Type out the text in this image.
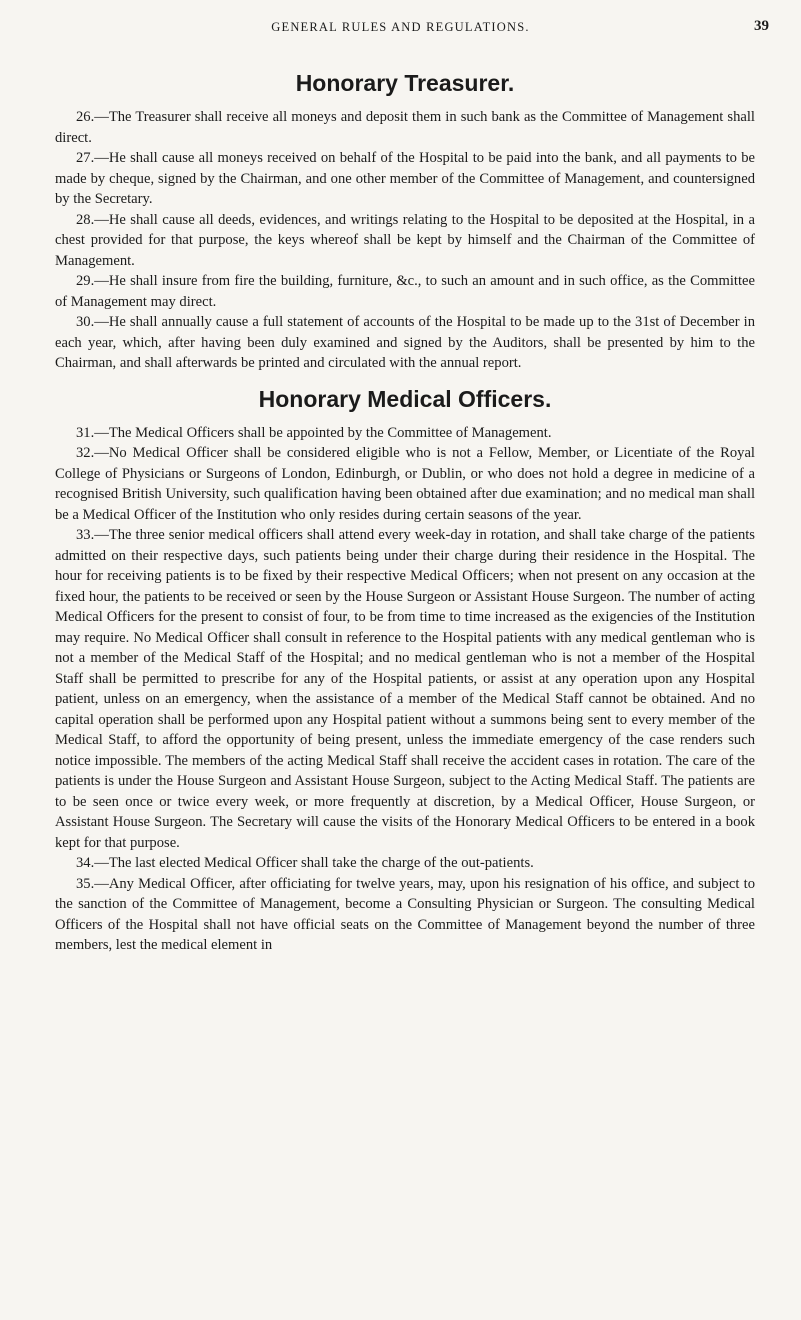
GENERAL RULES AND REGULATIONS.	39
Honorary Treasurer.

26.—The Treasurer shall receive all moneys and deposit them in such bank as the Committee of Management shall direct.

27.—He shall cause all moneys received on behalf of the Hospital to be paid into the bank, and all payments to be made by cheque, signed by the Chairman, and one other member of the Committee of Management, and countersigned by the Secretary.

28.—He shall cause all deeds, evidences, and writings relating to the Hospital to be deposited at the Hospital, in a chest provided for that purpose, the keys whereof shall be kept by himself and the Chairman of the Committee of Management.

29.—He shall insure from fire the building, furniture, &c., to such an amount and in such office, as the Committee of Management may direct.

30.—He shall annually cause a full statement of accounts of the Hospital to be made up to the 31st of December in each year, which, after having been duly examined and signed by the Auditors, shall be presented by him to the Chairman, and shall afterwards be printed and circulated with the annual report.

Honorary Medical Officers.

31.—The Medical Officers shall be appointed by the Committee of Management.

32.—No Medical Officer shall be considered eligible who is not a Fellow, Member, or Licentiate of the Royal College of Physicians or Surgeons of London, Edinburgh, or Dublin, or who does not hold a degree in medicine of a recognised British University, such qualification having been obtained after due examination; and no medical man shall be a Medical Officer of the Institution who only resides during certain seasons of the year.

33.—The three senior medical officers shall attend every week-day in rotation, and shall take charge of the patients admitted on their respective days, such patients being under their charge during their residence in the Hospital. The hour for receiving patients is to be fixed by their respective Medical Officers; when not present on any occasion at the fixed hour, the patients to be received or seen by the House Surgeon or Assistant House Surgeon. The number of acting Medical Officers for the present to consist of four, to be from time to time increased as the exigencies of the Institution may require. No Medical Officer shall consult in reference to the Hospital patients with any medical gentleman who is not a member of the Medical Staff of the Hospital; and no medical gentleman who is not a member of the Hospital Staff shall be permitted to prescribe for any of the Hospital patients, or assist at any operation upon any Hospital patient, unless on an emergency, when the assistance of a member of the Medical Staff cannot be obtained. And no capital operation shall be performed upon any Hospital patient without a summons being sent to every member of the Medical Staff, to afford the opportunity of being present, unless the immediate emergency of the case renders such notice impossible. The members of the acting Medical Staff shall receive the accident cases in rotation. The care of the patients is under the House Surgeon and Assistant House Surgeon, subject to the Acting Medical Staff. The patients are to be seen once or twice every week, or more frequently at discretion, by a Medical Officer, House Surgeon, or Assistant House Surgeon. The Secretary will cause the visits of the Honorary Medical Officers to be entered in a book kept for that purpose.

34.—The last elected Medical Officer shall take the charge of the out-patients.

35.—Any Medical Officer, after officiating for twelve years, may, upon his resignation of his office, and subject to the sanction of the Committee of Management, become a Consulting Physician or Surgeon. The consulting Medical Officers of the Hospital shall not have official seats on the Committee of Management beyond the number of three members, lest the medical element in
